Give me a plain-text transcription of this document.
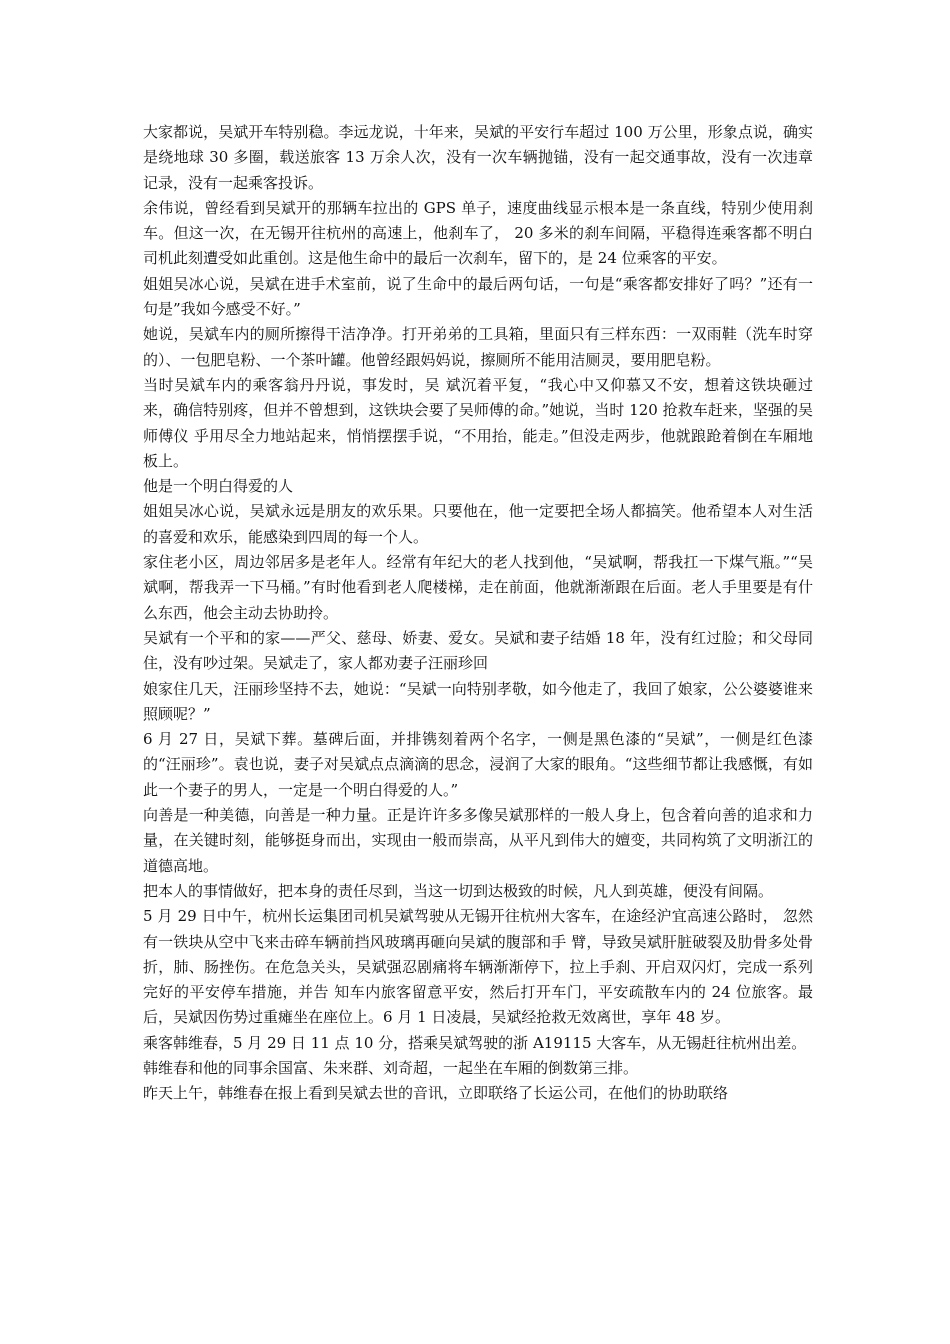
大家都说，吴斌开车特别稳。李远龙说，十年来，吴斌的平安行车超过 100 万公里，形象点说，确实是绕地球 30 多圈，载送旅客 13 万余人次，没有一次车辆抛锚，没有一起交通事故，没有一次违章记录，没有一起乘客投诉。

余伟说，曾经看到吴斌开的那辆车拉出的 GPS 单子，速度曲线显示根本是一条直线，特别少使用刹车。但这一次，在无锡开往杭州的高速上，他刹车了， 20 多米的刹车间隔，平稳得连乘客都不明白司机此刻遭受如此重创。这是他生命中的最后一次刹车，留下的，是 24 位乘客的平安。

姐姐吴冰心说，吴斌在进手术室前，说了生命中的最后两句话，一句是“乘客都安排好了吗？”还有一句是”我如今感受不好。”

她说，吴斌车内的厕所擦得干洁净净。打开弟弟的工具箱，里面只有三样东西：一双雨鞋（洗车时穿的）、一包肥皂粉、一个茶叶罐。他曾经跟妈妈说，擦厕所不能用洁厕灵，要用肥皂粉。

当时吴斌车内的乘客翁丹丹说，事发时，吴 斌沉着平复，“我心中又仰慕又不安，想着这铁块砸过来，确信特别疼，但并不曾想到，这铁块会要了吴师傅的命。”她说，当时 120 抢救车赶来，坚强的吴师傅仪 乎用尽全力地站起来，悄悄摆摆手说，“不用抬，能走。”但没走两步，他就踉跄着倒在车厢地板上。

他是一个明白得爱的人

姐姐吴冰心说，吴斌永远是朋友的欢乐果。只要他在，他一定要把全场人都搞笑。他希望本人对生活的喜爱和欢乐，能感染到四周的每一个人。

家住老小区，周边邻居多是老年人。经常有年纪大的老人找到他，“吴斌啊，帮我扛一下煤气瓶。”“吴斌啊，帮我弄一下马桶。”有时他看到老人爬楼梯，走在前面，他就渐渐跟在后面。老人手里要是有什么东西，他会主动去协助拎。

吴斌有一个平和的家——严父、慈母、娇妻、爱女。吴斌和妻子结婚 18 年，没有红过脸；和父母同住，没有吵过架。吴斌走了，家人都劝妻子汪丽珍回

娘家住几天，汪丽珍坚持不去，她说：“吴斌一向特别孝敬，如今他走了，我回了娘家，公公婆婆谁来照顾呢？”

6 月 27 日，吴斌下葬。墓碑后面，并排镌刻着两个名字，一侧是黑色漆的“吴斌”，一侧是红色漆的“汪丽珍”。袁也说，妻子对吴斌点点滴滴的思念，浸润了大家的眼角。“这些细节都让我感慨，有如此一个妻子的男人，一定是一个明白得爱的人。”

向善是一种美德，向善是一种力量。正是许许多多像吴斌那样的一般人身上，包含着向善的追求和力量，在关键时刻，能够挺身而出，实现由一般而崇高，从平凡到伟大的嬗变，共同构筑了文明浙江的道德高地。

把本人的事情做好，把本身的责任尽到，当这一切到达极致的时候，凡人到英雄，便没有间隔。

5 月 29 日中午，杭州长运集团司机吴斌驾驶从无锡开往杭州大客车，在途经沪宜高速公路时， 忽然有一铁块从空中飞来击碎车辆前挡风玻璃再砸向吴斌的腹部和手 臂，导致吴斌肝脏破裂及肋骨多处骨折，肺、肠挫伤。在危急关头，吴斌强忍剧痛将车辆渐渐停下，拉上手刹、开启双闪灯，完成一系列完好的平安停车措施，并告 知车内旅客留意平安，然后打开车门，平安疏散车内的 24 位旅客。最后，吴斌因伤势过重瘫坐在座位上。6 月 1 日凌晨，吴斌经抢救无效离世，享年 48 岁。

乘客韩维春，5 月 29 日 11 点 10 分，搭乘吴斌驾驶的浙 A19115 大客车，从无锡赶往杭州出差。

韩维春和他的同事余国富、朱来群、刘奇超，一起坐在车厢的倒数第三排。

昨天上午，韩维春在报上看到吴斌去世的音讯，立即联络了长运公司，在他们的协助联络
